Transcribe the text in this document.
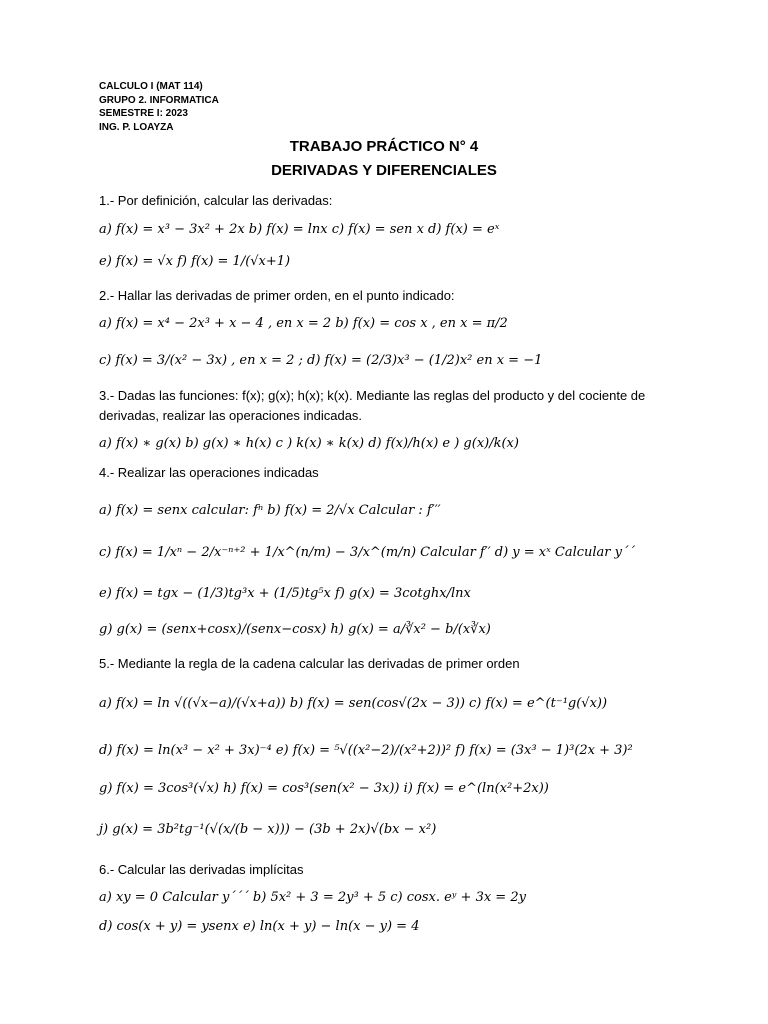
CALCULO I (MAT 114)
GRUPO 2. INFORMATICA
SEMESTRE I: 2023
ING. P. LOAYZA
TRABAJO PRÁCTICO N° 4
DERIVADAS Y DIFERENCIALES
1.- Por definición, calcular las derivadas:
a) f(x) = x³ − 3x² + 2x b) f(x) = lnx c) f(x) = sen x d) f(x) = eˣ
e) f(x) = √x f) f(x) = 1/(√x+1)
2.- Hallar las derivadas de primer orden, en el punto indicado:
a) f(x) = x⁴ − 2x³ + x − 4 , en x = 2 b) f(x) = cos x , en x = π/2
c) f(x) = 3/(x² − 3x) , en x = 2 ; d) f(x) = (2/3)x³ − (1/2)x² en x = −1
3.- Dadas las funciones: f(x); g(x); h(x); k(x). Mediante las reglas del producto y del cociente de derivadas, realizar las operaciones indicadas.
a) f(x) ∗ g(x) b) g(x) ∗ h(x) c ) k(x) ∗ k(x) d) f(x)/h(x) e ) g(x)/k(x)
4.- Realizar las operaciones indicadas
a) f(x) = senx calcular: fⁿ b) f(x) = 2/√x Calcular : f′′′
c) f(x) = 1/xⁿ − 2/x⁻ⁿ⁺² + 1/x^(n/m) − 3/x^(m/n) Calcular f′′ d) y = xˣ Calcular y´´
e) f(x) = tgx − (1/3)tg³x + (1/5)tg⁵x f) g(x) = 3cotghx/lnx
g) g(x) = (senx+cosx)/(senx−cosx) h) g(x) = a/∛x² − b/(x∛x)
5.- Mediante la regla de la cadena calcular las derivadas de primer orden
a) f(x) = ln √((√x−a)/(√x+a)) b) f(x) = sen(cos√(2x − 3)) c) f(x) = e^(t⁻¹g(√x))
d) f(x) = ln(x³ − x² + 3x)⁻⁴ e) f(x) = ⁵√((x²−2)/(x²+2))² f) f(x) = (3x³ − 1)³(2x + 3)²
g) f(x) = 3cos³(√x) h) f(x) = cos³(sen(x² − 3x)) i) f(x) = e^(ln(x²+2x))
j) g(x) = 3b²tg⁻¹(√(x/(b − x))) − (3b + 2x)√(bx − x²)
6.- Calcular las derivadas implícitas
a) xy = 0 Calcular y´´´ b) 5x² + 3 = 2y³ + 5 c) cosx. eʸ + 3x = 2y
d) cos(x + y) = ysenx e) ln(x + y) − ln(x − y) = 4
